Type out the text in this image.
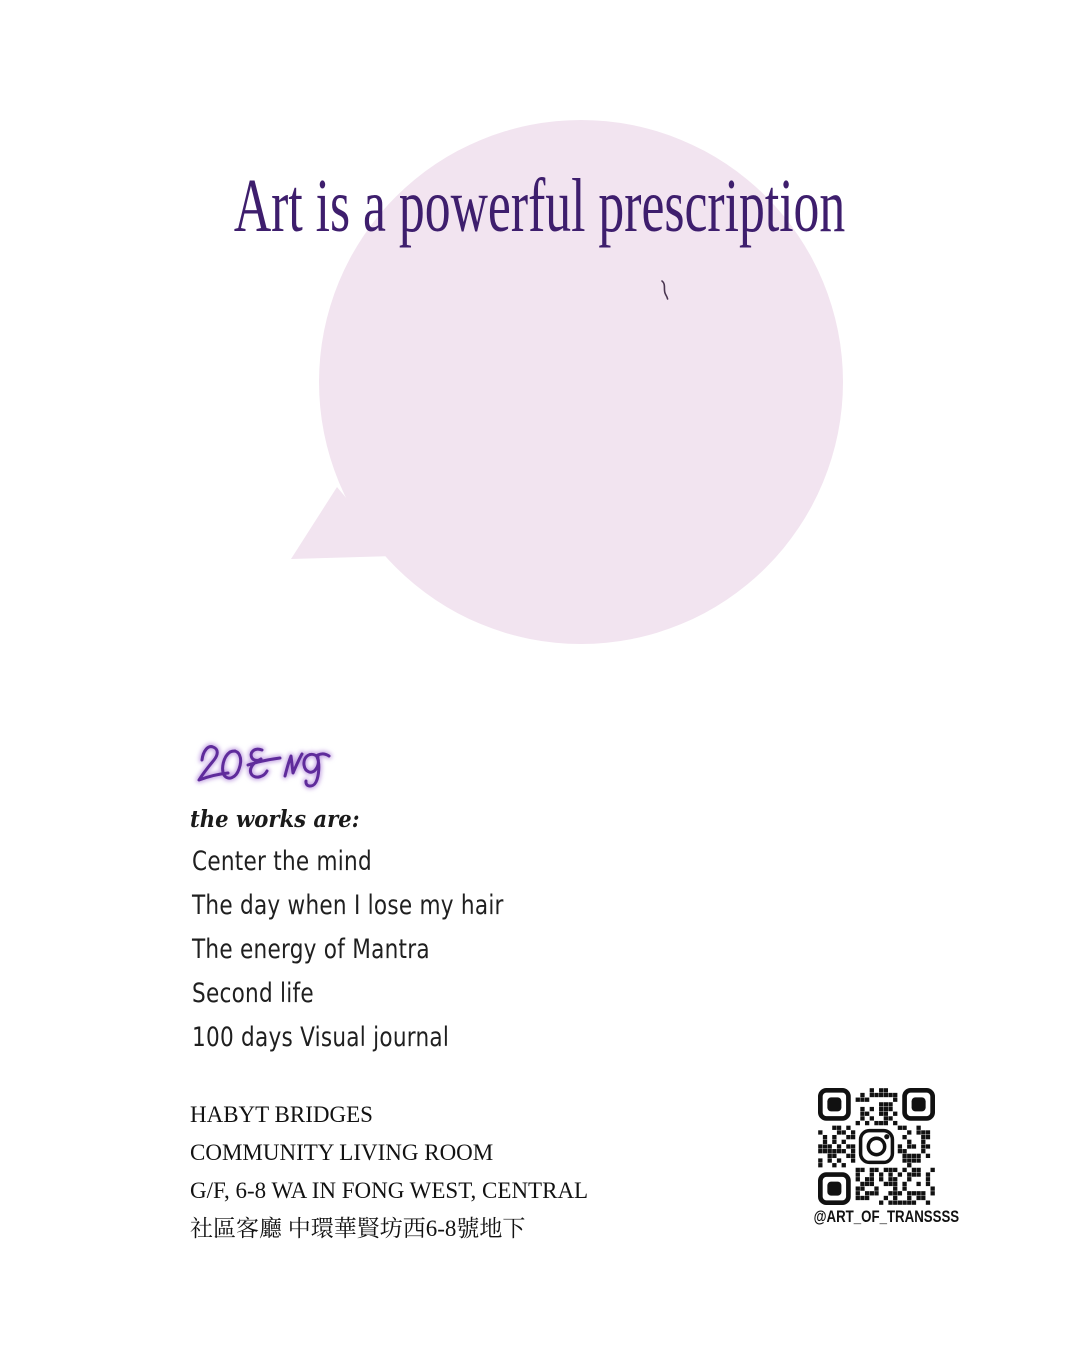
Art is a powerful prescription
the works are:
Center the mind
The day when I lose my hair
The energy of Mantra
Second life
100 days Visual journal
HABYT BRIDGES
COMMUNITY LIVING ROOM
G/F, 6-8 WA IN FONG WEST, CENTRAL
社區客廳 中環華賢坊西6-8號地下	@ART_OF_TRANSSSS
